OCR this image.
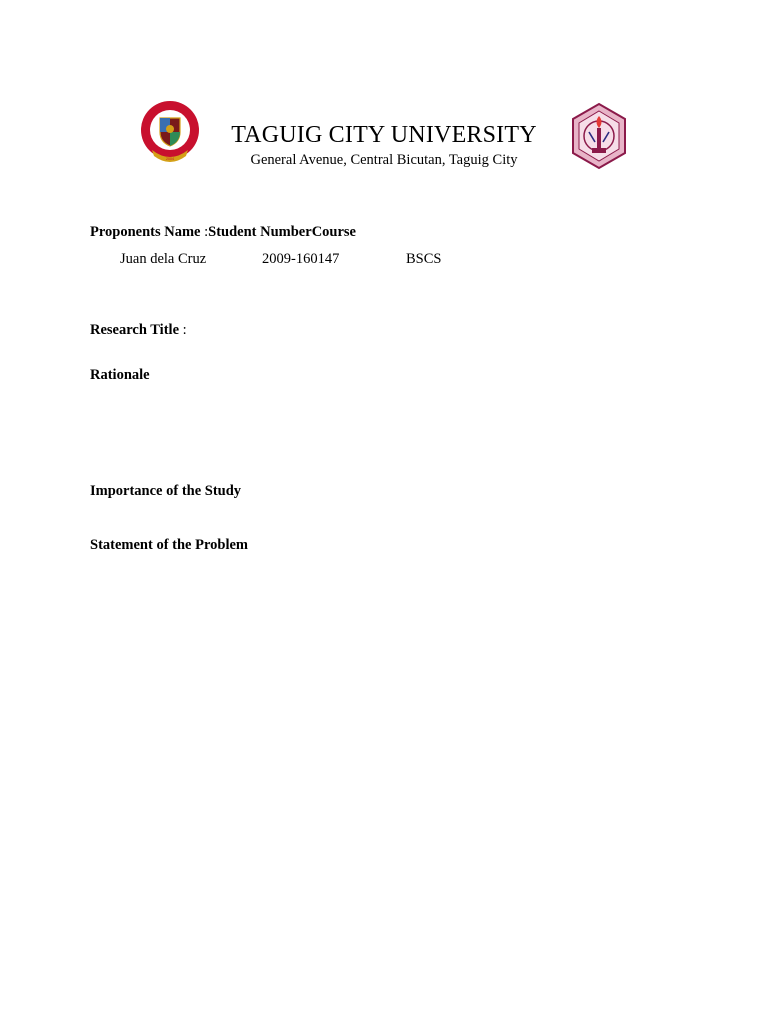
2004
TAGUIG CITY UNIVERSITY
General Avenue, Central Bicutan, Taguig City
Proponents Name :Student NumberCourse
Juan dela Cruz	2009-160147	BSCS
Research Title :
Rationale
Importance of the Study
Statement of the Problem
